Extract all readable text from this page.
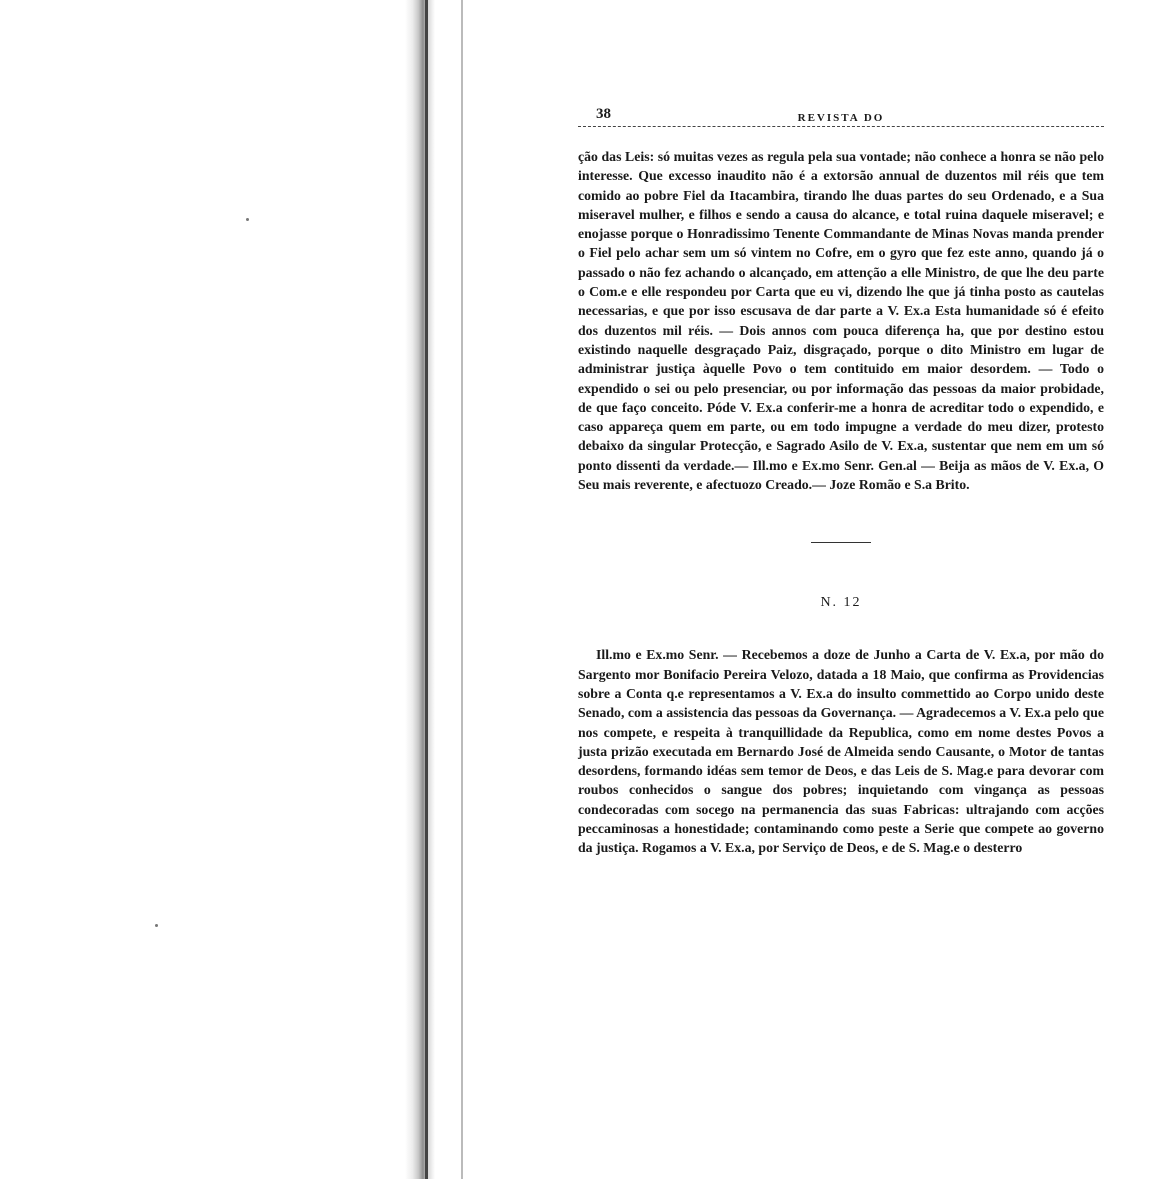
38	REVISTA DO

ção das Leis: só muitas vezes as regula pela sua vontade; não conhece a honra se não pelo interesse. Que excesso inaudito não é a extorsão annual de duzentos mil réis que tem comido ao pobre Fiel da Itacambira, tirando lhe duas partes do seu Ordenado, e a Sua miseravel mulher, e filhos e sendo a causa do alcance, e total ruina daquele miseravel; e enojasse porque o Honradissimo Tenente Commandante de Minas Novas manda prender o Fiel pelo achar sem um só vintem no Cofre, em o gyro que fez este anno, quando já o passado o não fez achando o alcançado, em attenção a elle Ministro, de que lhe deu parte o Com.e e elle respondeu por Carta que eu vi, dizendo lhe que já tinha posto as cautelas necessarias, e que por isso escusava de dar parte a V. Ex.a Esta humanidade só é efeito dos duzentos mil réis. — Dois annos com pouca diferença ha, que por destino estou existindo naquelle desgraçado Paiz, disgraçado, porque o dito Ministro em lugar de administrar justiça àquelle Povo o tem contituido em maior desordem. — Todo o expendido o sei ou pelo presenciar, ou por informação das pessoas da maior probidade, de que faço conceito. Póde V. Ex.a conferir-me a honra de acreditar todo o expendido, e caso appareça quem em parte, ou em todo impugne a verdade do meu dizer, protesto debaixo da singular Protecção, e Sagrado Asilo de V. Ex.a, sustentar que nem em um só ponto dissenti da verdade.— Ill.mo e Ex.mo Senr. Gen.al — Beija as mãos de V. Ex.a, O Seu mais reverente, e afectuozo Creado.— Joze Romão e S.a Brito.

N. 12

Ill.mo e Ex.mo Senr. — Recebemos a doze de Junho a Carta de V. Ex.a, por mão do Sargento mor Bonifacio Pereira Velozo, datada a 18 Maio, que confirma as Providencias sobre a Conta q.e representamos a V. Ex.a do insulto commettido ao Corpo unido deste Senado, com a assistencia das pessoas da Governança. — Agradecemos a V. Ex.a pelo que nos compete, e respeita à tranquillidade da Republica, como em nome destes Povos a justa prizão executada em Bernardo José de Almeida sendo Causante, o Motor de tantas desordens, formando idéas sem temor de Deos, e das Leis de S. Mag.e para devorar com roubos conhecidos o sangue dos pobres; inquietando com vingança as pessoas condecoradas com socego na permanencia das suas Fabricas: ultrajando com acções peccaminosas a honestidade; contaminando como peste a Serie que compete ao governo da justiça. Rogamos a V. Ex.a, por Serviço de Deos, e de S. Mag.e o desterro
